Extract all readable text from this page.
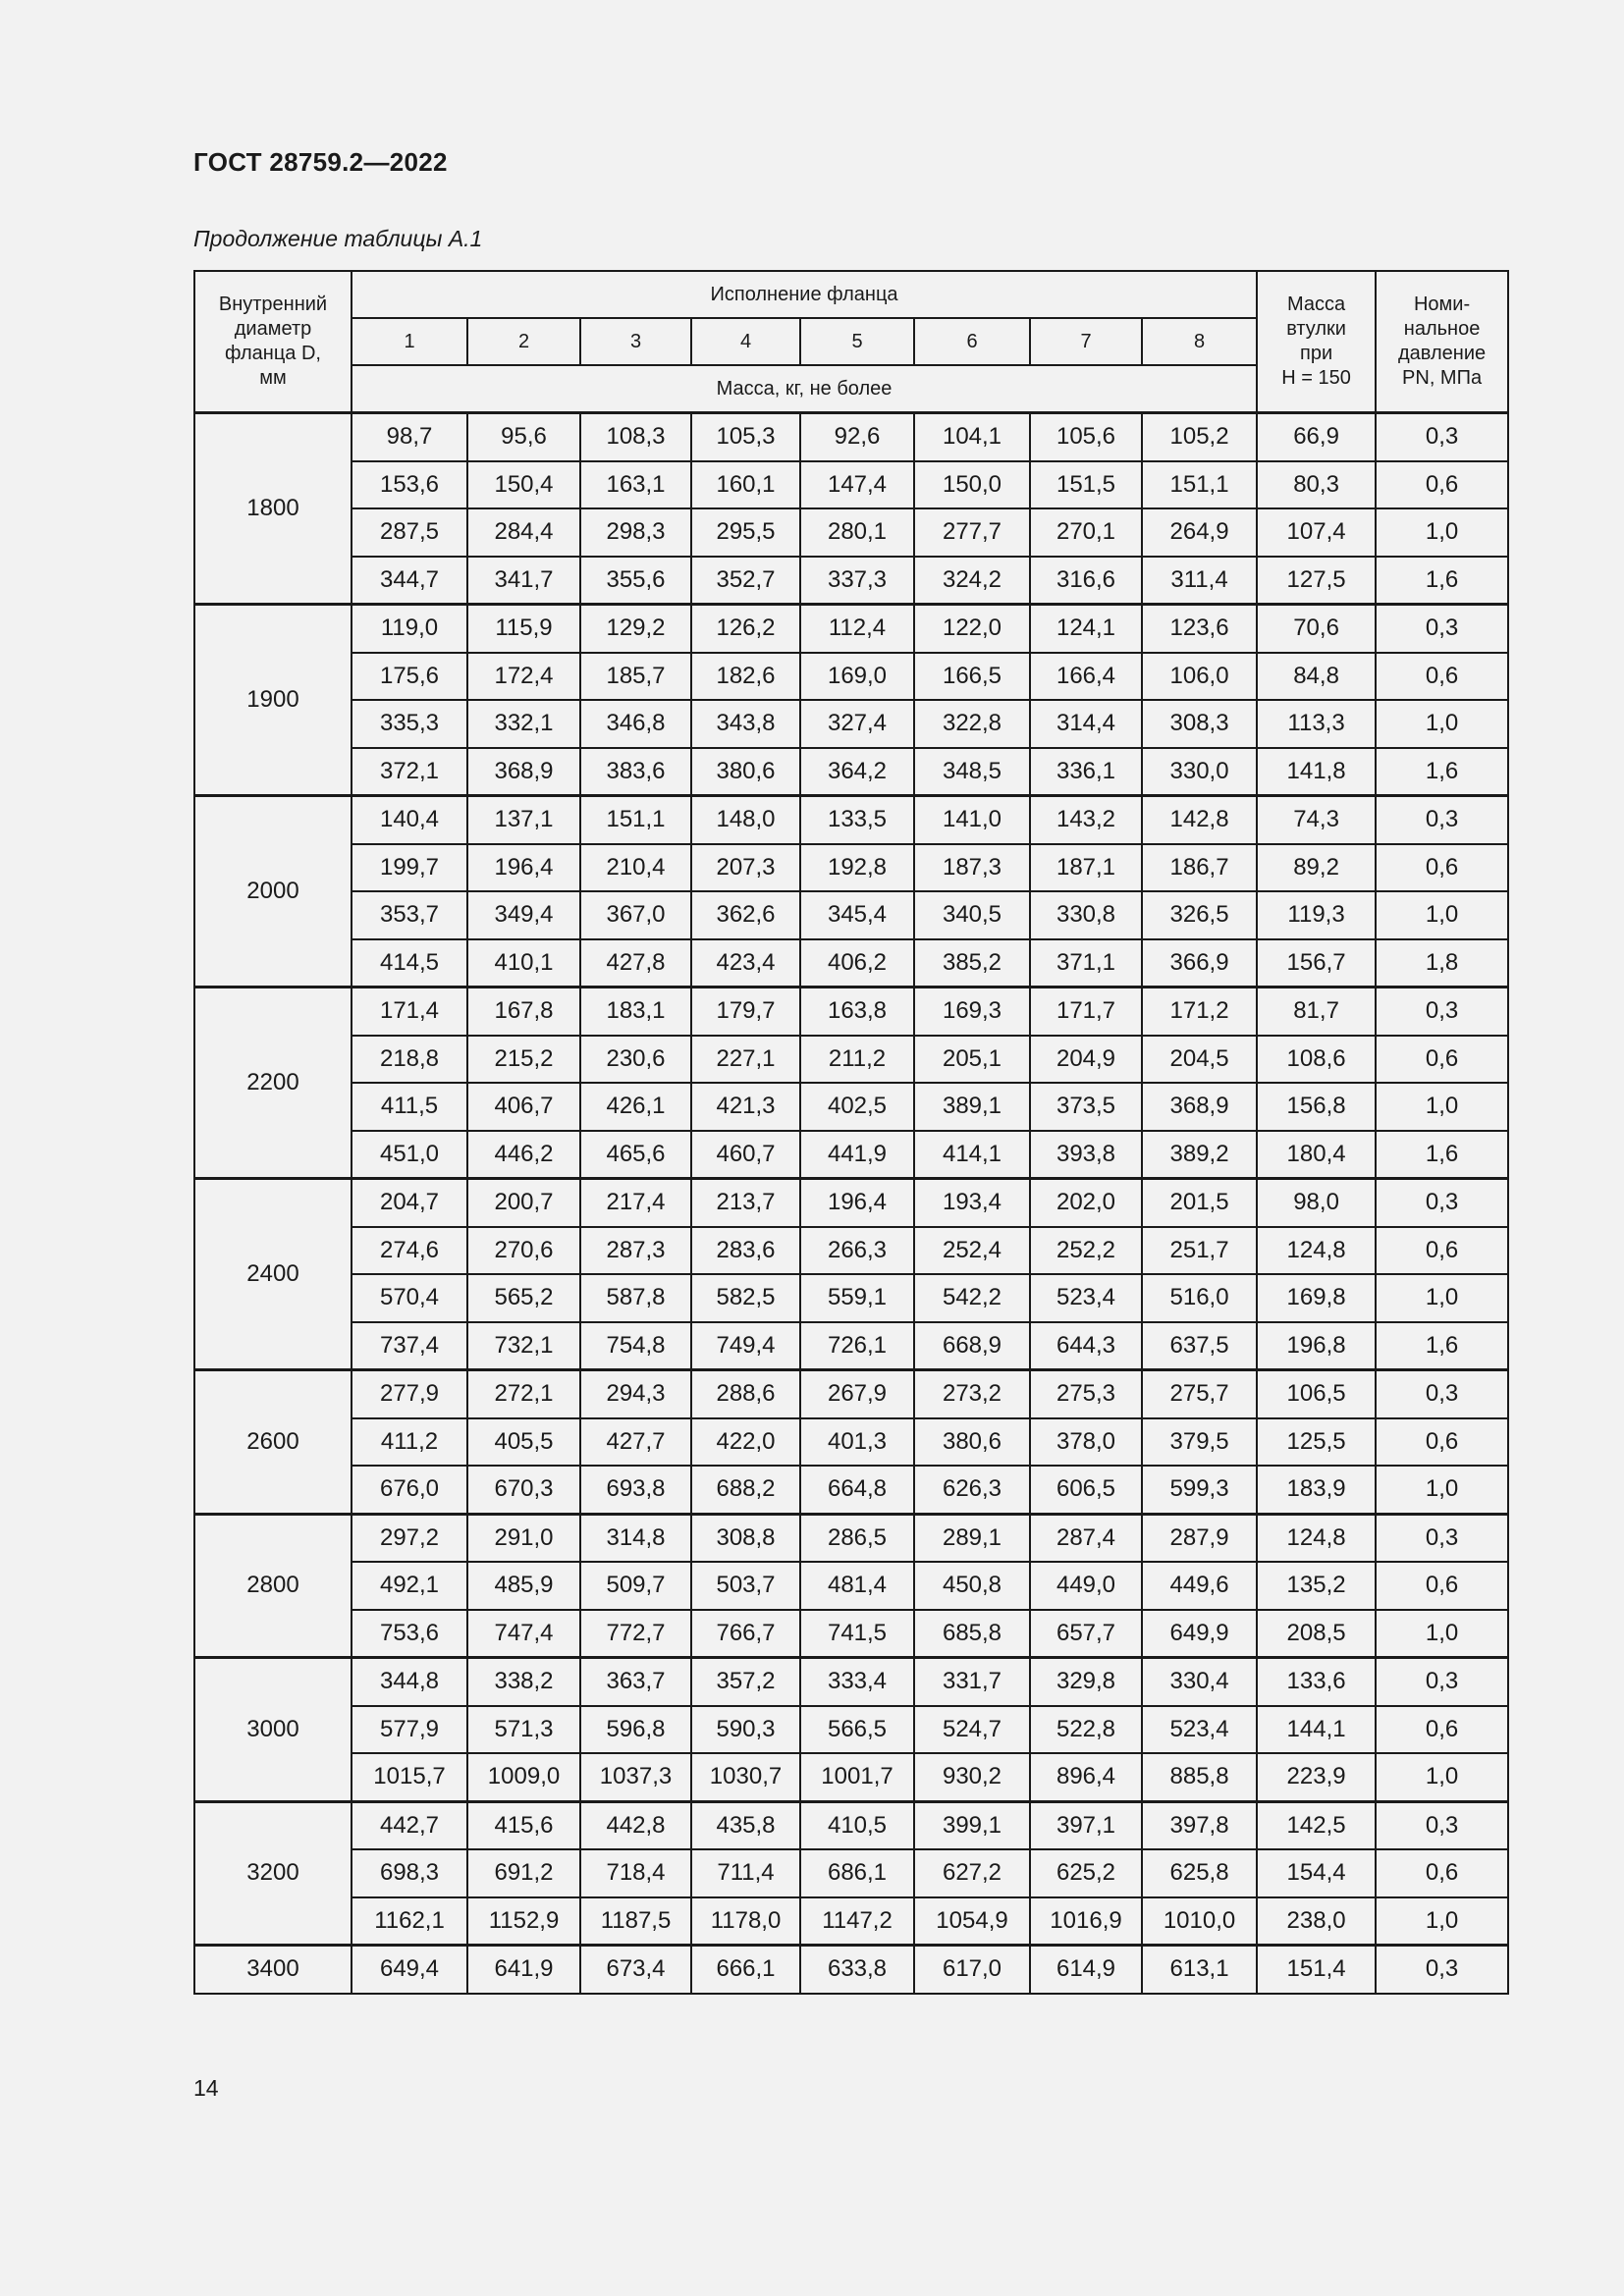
ГОСТ 28759.2—2022
Продолжение таблицы А.1
Внутренний
диаметр
фланца D,
мм	Исполнение фланца								Масса
втулки
при
H = 150	Номи-
нальное
давление
PN, МПа
	1	2	3	4	5	6	7	8		
	Масса, кг, не более									
1800	98,7	95,6	108,3	105,3	92,6	104,1	105,6	105,2	66,9	0,3
	153,6	150,4	163,1	160,1	147,4	150,0	151,5	151,1	80,3	0,6
	287,5	284,4	298,3	295,5	280,1	277,7	270,1	264,9	107,4	1,0
	344,7	341,7	355,6	352,7	337,3	324,2	316,6	311,4	127,5	1,6
1900	119,0	115,9	129,2	126,2	112,4	122,0	124,1	123,6	70,6	0,3
	175,6	172,4	185,7	182,6	169,0	166,5	166,4	106,0	84,8	0,6
	335,3	332,1	346,8	343,8	327,4	322,8	314,4	308,3	113,3	1,0
	372,1	368,9	383,6	380,6	364,2	348,5	336,1	330,0	141,8	1,6
2000	140,4	137,1	151,1	148,0	133,5	141,0	143,2	142,8	74,3	0,3
	199,7	196,4	210,4	207,3	192,8	187,3	187,1	186,7	89,2	0,6
	353,7	349,4	367,0	362,6	345,4	340,5	330,8	326,5	119,3	1,0
	414,5	410,1	427,8	423,4	406,2	385,2	371,1	366,9	156,7	1,8
2200	171,4	167,8	183,1	179,7	163,8	169,3	171,7	171,2	81,7	0,3
	218,8	215,2	230,6	227,1	211,2	205,1	204,9	204,5	108,6	0,6
	411,5	406,7	426,1	421,3	402,5	389,1	373,5	368,9	156,8	1,0
	451,0	446,2	465,6	460,7	441,9	414,1	393,8	389,2	180,4	1,6
2400	204,7	200,7	217,4	213,7	196,4	193,4	202,0	201,5	98,0	0,3
	274,6	270,6	287,3	283,6	266,3	252,4	252,2	251,7	124,8	0,6
	570,4	565,2	587,8	582,5	559,1	542,2	523,4	516,0	169,8	1,0
	737,4	732,1	754,8	749,4	726,1	668,9	644,3	637,5	196,8	1,6
2600	277,9	272,1	294,3	288,6	267,9	273,2	275,3	275,7	106,5	0,3
	411,2	405,5	427,7	422,0	401,3	380,6	378,0	379,5	125,5	0,6
	676,0	670,3	693,8	688,2	664,8	626,3	606,5	599,3	183,9	1,0
2800	297,2	291,0	314,8	308,8	286,5	289,1	287,4	287,9	124,8	0,3
	492,1	485,9	509,7	503,7	481,4	450,8	449,0	449,6	135,2	0,6
	753,6	747,4	772,7	766,7	741,5	685,8	657,7	649,9	208,5	1,0
3000	344,8	338,2	363,7	357,2	333,4	331,7	329,8	330,4	133,6	0,3
	577,9	571,3	596,8	590,3	566,5	524,7	522,8	523,4	144,1	0,6
	1015,7	1009,0	1037,3	1030,7	1001,7	930,2	896,4	885,8	223,9	1,0
3200	442,7	415,6	442,8	435,8	410,5	399,1	397,1	397,8	142,5	0,3
	698,3	691,2	718,4	711,4	686,1	627,2	625,2	625,8	154,4	0,6
	1162,1	1152,9	1187,5	1178,0	1147,2	1054,9	1016,9	1010,0	238,0	1,0
3400	649,4	641,9	673,4	666,1	633,8	617,0	614,9	613,1	151,4	0,3
14
